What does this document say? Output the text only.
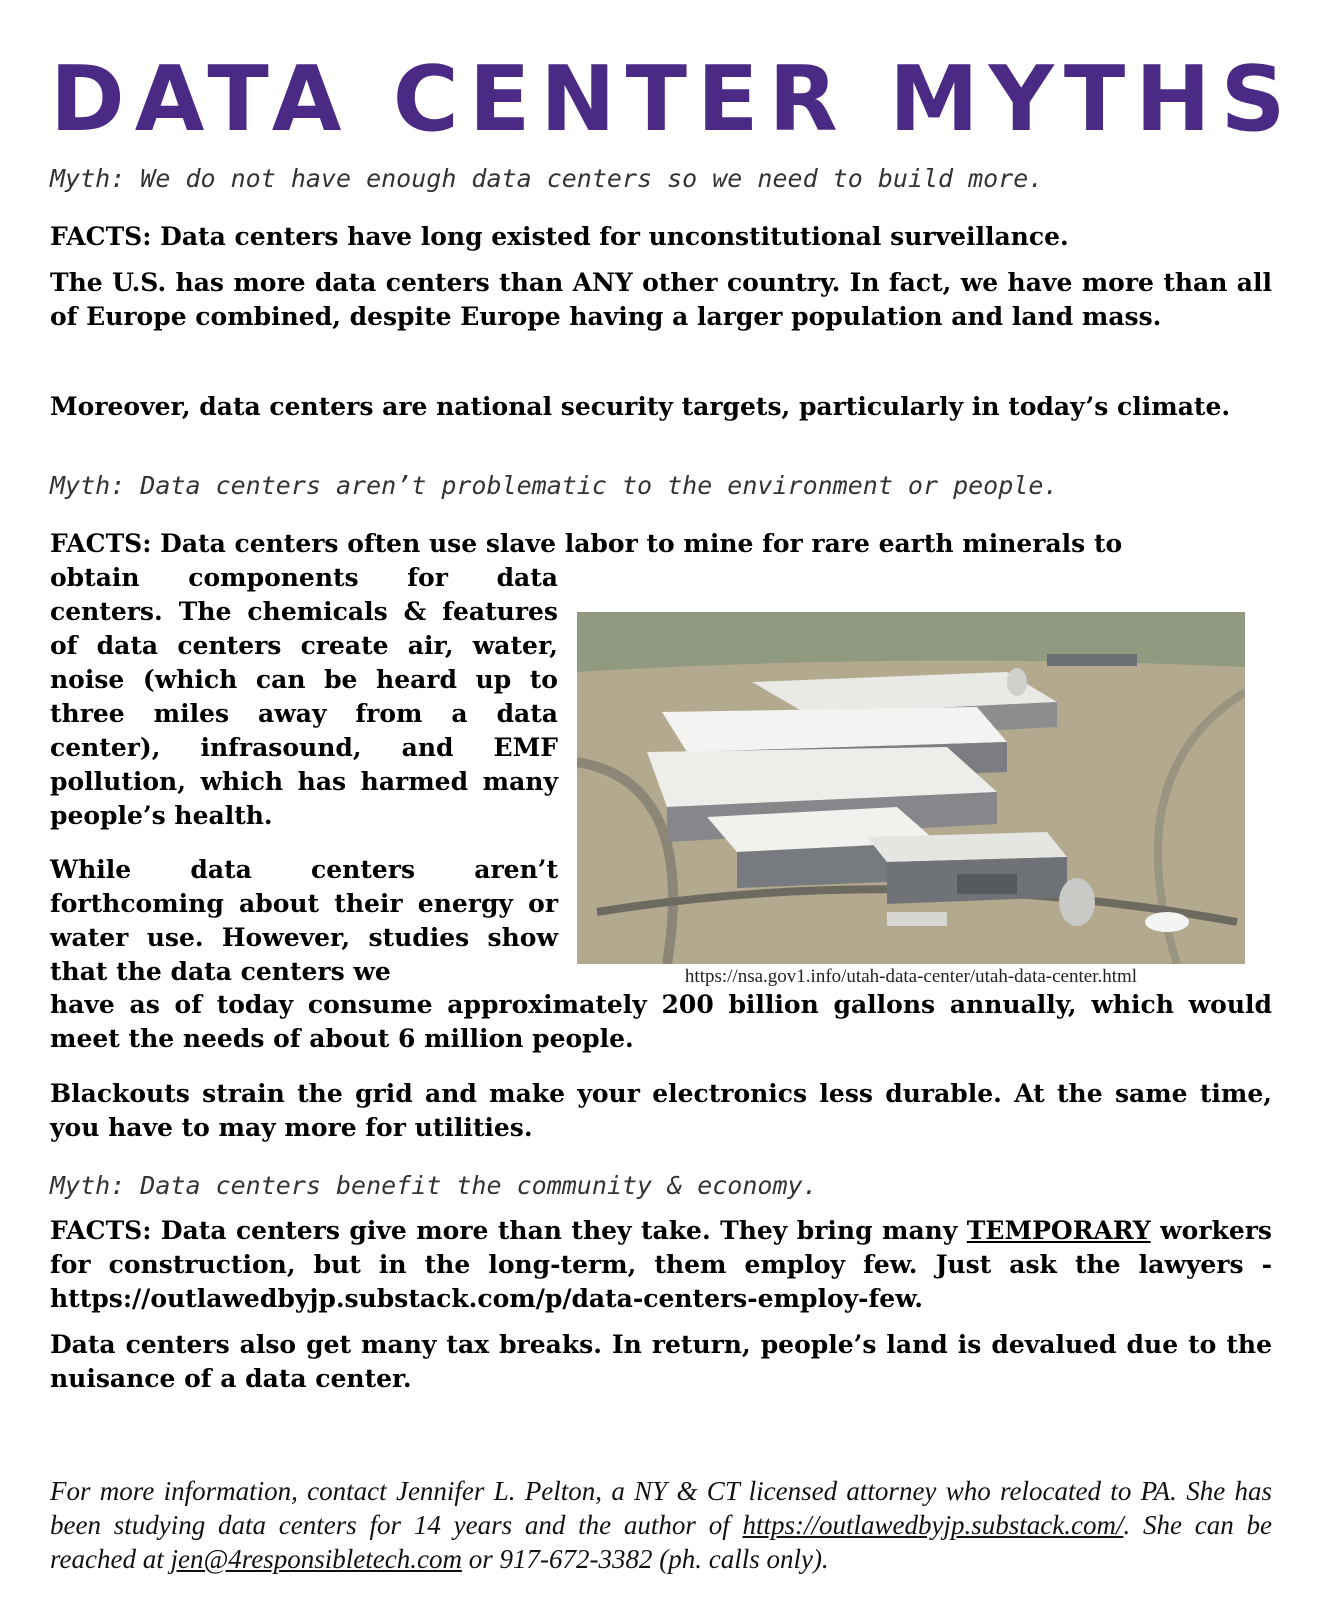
DATA CENTER MYTHS
Myth: We do not have enough data centers so we need to build more.
FACTS: Data centers have long existed for unconstitutional surveillance.
The U.S. has more data centers than ANY other country. In fact, we have more than all of Europe combined, despite Europe having a larger population and land mass.
Moreover, data centers are national security targets, particularly in today’s climate.
Myth: Data centers aren’t problematic to the environment or people.
FACTS: Data centers often use slave labor to mine for rare earth minerals to
obtain components for data centers. The chemicals & features of data centers create air, water, noise (which can be heard up to three miles away from a data center), infrasound, and EMF pollution, which has harmed many people’s health.
While data centers aren’t forthcoming about their energy or water use. However, studies show that the data centers we
have as of today consume approximately 200 billion gallons annually, which would meet the needs of about 6 million people.
Blackouts strain the grid and make your electronics less durable. At the same time, you have to may more for utilities.
https://nsa.gov1.info/utah-data-center/utah-data-center.html
Myth: Data centers benefit the community & economy.
FACTS: Data centers give more than they take. They bring many TEMPORARY workers for construction, but in the long-term, them employ few. Just ask the lawyers - https://outlawedbyjp.substack.com/p/data-centers-employ-few.
Data centers also get many tax breaks. In return, people’s land is devalued due to the nuisance of a data center.
For more information, contact Jennifer L. Pelton, a NY & CT licensed attorney who relocated to PA. She has been studying data centers for 14 years and the author of https://outlawedbyjp.substack.com/. She can be reached at jen@4responsibletech.com or 917-672-3382 (ph. calls only).
